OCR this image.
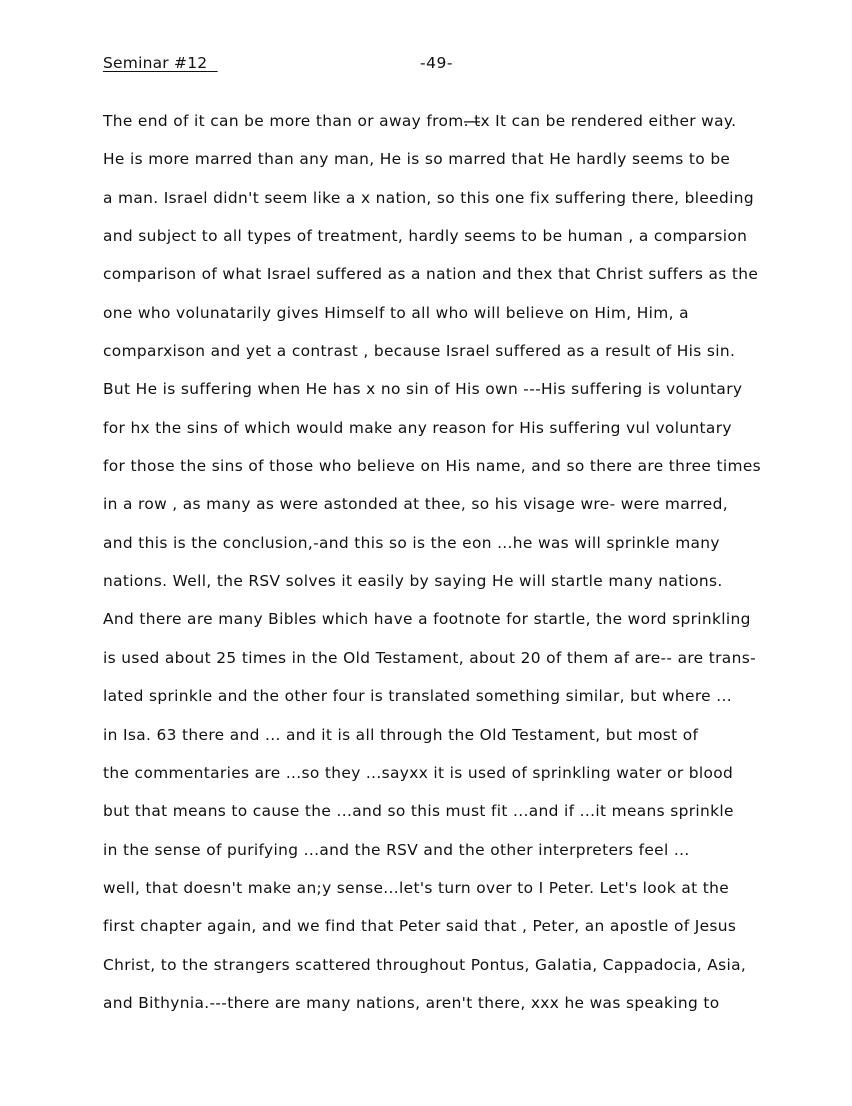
Seminar #12	-49-
The end of it can be more than or away from. ̶t̶x It can be rendered either way.
He is more marred than any man, He is so marred that He hardly seems to be
a man. Israel didn't seem like a x nation, so this one fix suffering there, bleeding
and subject to all types of treatment, hardly seems to be human , a comparsion
comparison of what Israel suffered as a nation and thex that Christ suffers as the
one who volunatarily gives Himself to all who will believe on Him, Him, a
comparxison and yet a contrast , because Israel suffered as a result of His sin.
But He is suffering when He has x no sin of His own ---His suffering is voluntary
for hx the sins of which would make any reason for His suffering vul voluntary
for those the sins of those who believe on His name, and so there are three times
in a row , as many as were astonded at thee, so his visage wre- were marred,
and this is the conclusion,-and this so is the eon ...he was will sprinkle many
nations. Well, the RSV solves it easily by saying He will startle many nations.
And there are many Bibles which have a footnote for startle, the word sprinkling
is used about 25 times in the Old Testament, about 20 of them af are-- are trans-
lated sprinkle and the other four is translated something similar, but where ...
in Isa. 63 there and ... and it is all through the Old Testament, but most of
the commentaries are ...so they ...sayxx it is used of sprinkling water or blood
but that means to cause the ...and so this must fit ...and if ...it means sprinkle
in the sense of purifying ...and the RSV and the other interpreters feel ...
well, that doesn't make an;y sense...let's turn over to I Peter. Let's look at the
first chapter again, and we find that Peter said that , Peter, an apostle of Jesus
Christ, to the strangers scattered throughout Pontus, Galatia, Cappadocia, Asia,
and Bithynia.---there are many nations, aren't there, xxx he was speaking to
